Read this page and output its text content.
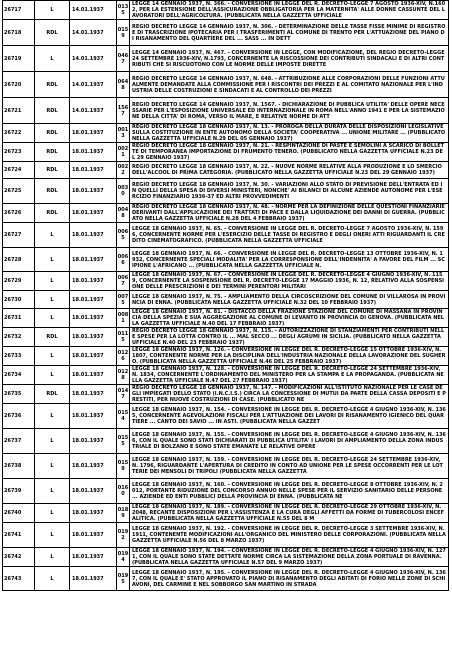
26717	L	14.01.1937	0135	LEGGE 14 GENNAIO 1937, N. 366. - CONVERSIONE IN LEGGE DEL R. DECRETO-LEGGE 7 AGOSTO 1936-XIV, N.1602, PER LA ESTENSIONE DELL'ASSICURAZIONE OBBLIGATORIA PER LA MATERNITA' ALLE DONNE CASSUNTE DEL LAVORATORI DELL'AGRICOLTURA. (PUBBLICATA NELLA GAZZETTA UFFICIALE
26718	RDL	14.01.1937	0159	REGIO DECRETO LEGGE 14 GENNAIO 1937, N. 306. - DETERMINAZIONE DELLE TASSE FISSE MINIME DI REGISTRO E DI TRASCRIZIONE IPOTECARIA PER I TRASFERIMENTI AL COMUNE DI TRENTO PER L'ATTUAZIONE DEL PIANO DI RISANAMENTO DEL QUARTIERE DEL ... SASS ... IN DETT
26719	L	14.01.1937	0467	LEGGE 14 GENNAIO 1937, N. 467. - CONVERSIONE IN LEGGE, CON MODIFICAZIONE, DEL REGIO DECRETO-LEGGE 24 SETTEMBRE 1936-XIV, N.1793, CONCERNENTE LA RISCOSSIONE DEI CONTRIBUTI SINDACALI E DI ALTRI CONTRIBUTI CHE SI RISCUOTONO CON LE NORME DELLE IMPOSTE DIRETTE
26720	RDL	14.01.1937	0648	REGIO DECRETO LEGGE 14 GENNAIO 1937, N. 648. - ATTRIBUZIONE ALLE CORPORAZIONI DELLE FUNZIONI ATTUALMENTE DEMANDATE ALLA COMMISSIONE PER I RISCONTRI DEI PREZZI E AL COMITATO NAZIONALE PER L'INDUSTRIA DELLE COSTRUZIONI E SINDACATI E AL CONTROLLO DEI PREZZI
26721	RDL	14.01.1937	1567	REGIO DECRETO LEGGE 14 GENNAIO 1937, N. 1567. - DICHIARAZIONE DI PUBBLICA UTILITA' DELLE OPERE NECESSARIE PER L'ESPOSIZIONE UNIVERSALE ED INTERNAZIONALE IN ROMA NELL'ANNO 1941 E PER LA SISTEMAZIONE DELLA CITTA' DI ROMA, VERSO IL MARE, E RELATIVE NORME DI ATT
26722	RDL	18.01.1937	0013	REGIO DECRETO LEGGE 18 GENNAIO 1937, N. 13. - PROROGA DELLA DURATA DELLE DISPOSIZIONI LEGISLATIVE SULLA COSTITUZIONE IN ENTE AUTONOMO DELLA SOCIETA' COOPERATIVA ... UNIONE MILITARE ... (PUBBLICATO NELLA GAZZETTA UFFICIALE N.29 DEL 05 GENNAIO 1937)
26723	RDL	18.01.1937	0021	REGIO DECRETO LEGGE 18 GENNAIO 1937, N. 21. - RESPINTAZIONE DI PASTE E SEMOLINI A SCARICO DI BOLLETTE DI TEMPORANEA IMPORTAZIONE DI FRUMENTO TENERO. (PUBBLICATO NELLA GAZZETTA UFFICIALE N.23 DEL 29 GENNAIO 1937)
26724	RDL	18.01.1937	0022	REGIO DECRETO LEGGE 18 GENNAIO 1937, N. 22. - NUOVE NORME RELATIVE ALLA PRODUZIONE E LO SMERCIO DELL'ALCOOL DI PRIMA CATEGORIA. (PUBBLICATO NELLA GAZZETTA UFFICIALE N.23 DEL 29 GENNAIO 1937)
26725	RDL	18.01.1937	0030	REGIO DECRETO LEGGE 18 GENNAIO 1937, N. 30. - VARIAZIONI ALLO STATO DI PREVISIONE DELL'ENTRATA ED IN QUELLI DELLA SPESA DI DIVERSI MINISTERI, NONCHE' AI BILANCI DI ALCUNE AZIENDE AUTONOME PER L'ESERCIZIO FINANZIARIO 1936-37 ED ALTRI PROVVEDIMENTI
26726	RDL	18.01.1937	0048	REGIO DECRETO LEGGE 18 GENNAIO 1937, N. 48. - NORME PER LA DEFINIZIONE DELLE QUESTIONI FINANZIARIE DERIVANTI DALL'APPLICAZIONE DEI TRATTATI DI PACE E DALLA LIQUIDAZIONE DEI DANNI DI GUERRA. (PUBBLICATO NELLA GAZZETTA UFFICIALE N.28 DEL 4 FEBBRAIO 1937)
26727	L	18.01.1937	0065	LEGGE 18 GENNAIO 1937, N. 65. - CONVERSIONE IN LEGGE DEL R. DECRETO-LEGGE 7 AGOSTO 1936-XIV, N. 1596, CONCERNENTE NORME PER L'ESERCIZIO DELLE TASSE DI REGISTRO E DEGLI ONERI ATTI RIGUARDANTI IL CREDITO CINEMATOGRAFICO. (PUBBLICATA NELLA GAZZETTA UFFICIALE
26728	L	18.01.1937	0066	LEGGE 18 GENNAIO 1937, N. 66. - CONVERSIONE IN LEGGE DEL R. DECRETO-LEGGE 13 OTTOBRE 1936-XIV, N. 1932, CONCERNENTE SPECIALI MODALITA' PER LA CORRESPONSIONE DELL'INDENNITA' A FAVORE DEL FILM ... SCIPIONE L'AFRICANO ... (PUBBLICATA NELLA GAZZETTA UFFICIALE N.
26729	L	18.01.1937	0067	LEGGE 18 GENNAIO 1937, N. 67. - CONVERSIONE IN LEGGE DEL R. DECRETO-LEGGE 4 GIUGNO 1936-XIV, N. 1159, CONCERNENTE LA SOSPENSIONE DEL R. DECRETO-LEGGE 17 MAGGIO 1936, N. 12, RELATIVO ALLA SOSPENSIONE DELLE PRESCRIZIONI E DEI TERMINI PERENTORI MILITARI
26730	L	18.01.1937	0075	LEGGE 18 GENNAIO 1937, N. 75. - AMPLIAMENTO DELLA CIRCOSCRIZIONE DEL COMUNE DI VILLAROSA IN PROVINCIA DI ENNA. (PUBBLICATA NELLA GAZZETTA UFFICIALE N.32 DEL 10 FEBBRAIO 1937)
26731	L	18.01.1937	0081	LEGGE 18 GENNAIO 1937, N. 81. - DISTACCO DELLA FRAZIONE STAZIONE DEL COMUNE DI MASSANA IN PROVINCIA DELLA SPEZIA E SUA AGGREGAZIONE AL COMUNE DI LEVANTO IN PROVINCIA DI GENOVA. (PUBBLICATA NELLA GAZZETTA UFFICIALE N.40 DEL 17 FEBBRAIO 1937)
26732	RDL	18.01.1937	0115	REGIO DECRETO LEGGE 18 GENNAIO 1937, N. 115. - AUTORIZZAZIONE DI STANZIAMENTI PER CONTRIBUTI NELLE SPESE PER LA LOTTA CONTRO IL ... MAL SECCO ... DEGLI AGRUMI IN SICILIA. (PUBBLICATO NELLA GAZZETTA UFFICIALE N.40 DEL 23 FEBBRAIO 1937)
26733	L	18.01.1937	0126	LEGGE 18 GENNAIO 1937, N. 126. - CONVERSIONE IN LEGGE DEL R. DECRETO-LEGGE 15 OTTOBRE 1936-XIV, N. 1807, CONTENENTE NORME PER LA DISCIPLINA DELL'INDUSTRIA NAZIONALE DELLA LAVORAZIONE DEL SUGHERO. (PUBBLICATA NELLA GAZZETTA UFFICIALE N.46 DEL 25 FEBBRAIO 1937)
26734	L	18.01.1937	0128	LEGGE 18 GENNAIO 1937, N. 128. - CONVERSIONE IN LEGGE DEL R. DECRETO-LEGGE 24 SETTEMBRE 1936-XIV, N. 1834, CONCERNENTE L'ORDINAMENTO DEL MINISTERO PER LA STAMPA E LA PROPAGANDA. (PUBBLICATA NELLA GAZZETTA UFFICIALE N.47 DEL 27 FEBBRAIO 1937)
26735	RDL	18.01.1937	0147	REGIO DECRETO LEGGE 18 GENNAIO 1937, N. 147. - MODIFICAZIONI ALL'ISTITUTO NAZIONALE PER LE CASE DEGLI IMPIEGATI DELLO STATO (I.N.C.I.S.) CIRCA LA CONCESSIONE DI MUTUI DA PARTE DELLA CASSA DEPOSITI E PRESTITI, PER NUOVE COSTRUZIONI DI CASE. (PUBBLICATO NE
26736	L	18.01.1937	0154	LEGGE 18 GENNAIO 1937, N. 154. - CONVERSIONE IN LEGGE DEL R. DECRETO-LEGGE 4 GIUGNO 1936-XIV, N. 1365, CONCERNENTE AGEVOLAZIONI FISCALI PER L'ATTUAZIONE DEI LAVORI DI RISANAMENTO IGIENICO DEL QUARTIERE ... CANTO DEI SAVIO ... IN ASTI. (PUBBLICATA NELLA GAZZET
26737	L	18.01.1937	0155	LEGGE 18 GENNAIO 1937, N. 155. - CONVERSIONE IN LEGGE DEL R. DECRETO-LEGGE 4 GIUGNO 1936-XIV, N. 1366, CON IL QUALE SONO STATI DICHIARATI DI PUBBLICA UTILITA' I LAVORI DI AMPLIAMENTO DELLA ZONA INDUSTRIALE DI BOLZANO E SONO STATE EMANATE LE RELATIVE OPERE
26738	L	18.01.1937	0159	LEGGE 18 GENNAIO 1937, N. 159. - CONVERSIONE IN LEGGE DEL R. DECRETO-LEGGE 24 SETTEMBRE 1936-XIV, N. 1796, RIGUARDANTE L'APERTURA DI CREDITO IN CONTO AD UNIONE PER LE SPESE OCCORRENTI PER LE LOTTERIE DEI MENSOLI DI TRIPOLI (PUBBLICATA NELLA GAZZETTA
26739	L	18.01.1937	0160	LEGGE 18 GENNAIO 1937, N. 160. - CONVERSIONE IN LEGGE DEL R. DECRETO-LEGGE 8 OTTOBRE 1936-XIV, N. 2012, PORTANTE RIDUZIONE DEL CONCORSO ANNUO NELLE SPESE PER IL SERVIZIO SANITARIO DELLE PERSONE ... AZIENDE ED ENTI PUBBLICI DELLA PROVINCIA DI ENNA. (PUBBLICATA NE
26740	L	18.01.1937	0189	LEGGE 18 GENNAIO 1937, N. 189. - CONVERSIONE IN LEGGE DEL R. DECRETO-LEGGE 29 OTTOBRE 1936-XIV, N. 2048, RECANTE DISPOSIZIONI PER L'ASSISTENZA E LA CURA DEGLI AFFETTI DA FORME DI TUBERCOLOSI ENCEFALITICA. (PUBBLICATA NELLA GAZZETTA UFFICIALE N.55 DEL 8 M
26741	L	18.01.1937	0192	LEGGE 18 GENNAIO 1937, N. 192. - CONVERSIONE IN LEGGE DEL R. DECRETO-LEGGE 3 SETTEMBRE 1936-XIV, N. 1911, CONTENENTE MODIFICAZIONI ALL'ORGANICO DEL MINISTERO DELLE CORPORAZIONI. (PUBBLICATA NELLA GAZZETTA UFFICIALE N.56 DEL 8 MARZO 1937)
26742	L	18.01.1937	0194	LEGGE 18 GENNAIO 1937, N. 194. - CONVERSIONE IN LEGGE DEL R. DECRETO-LEGGE 4 GIUGNO 1936-XIV, N. 1271, CON IL QUALE SONO STATE DETTATE NORME CIRCA LA SISTEMAZIONE DELLA ZONA PORTUALE DI RAVENNA. (PUBBLICATA NELLA GAZZETTA UFFICIALE N.57 DEL 9 MARZO 1937)
26743	L	18.01.1937	0195	LEGGE 18 GENNAIO 1937, N. 195. - CONVERSIONE IN LEGGE DEL R. DECRETO-LEGGE 4 GIUGNO 1936-XIV, N. 1367, CON IL QUALE E' STATO APPROVATO IL PIANO DI RISANAMENTO DEGLI ABITATI DI FORIO NELLE ZONE DI SCHIAVONI, DEL CARMINE E NEL SOBBORGO SAN MARTINO IN STRADA
